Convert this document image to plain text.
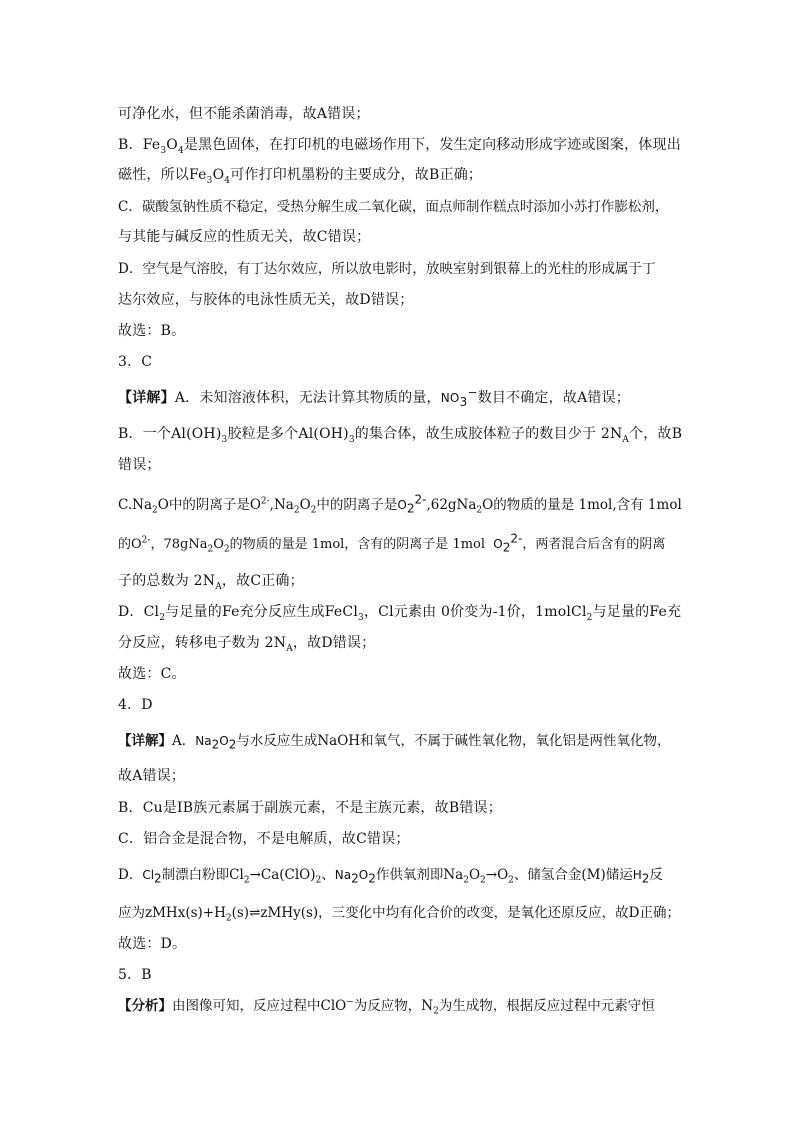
可净化水，但不能杀菌消毒，故A错误；
B．$Fe_3O_4$是黑色固体，在打印机的电磁场作用下，发生定向移动形成字迹或图案，体现出
磁性，所以$Fe_3O_4$可作打印机墨粉的主要成分，故B正确；
C．碳酸氢钠性质不稳定，受热分解生成二氧化碳，面点师制作糕点时添加小苏打作膨松剂，
与其能与碱反应的性质无关，故C错误；
D．空气是气溶胶，有丁达尔效应，所以放电影时，放映室射到银幕上的光柱的形成属于丁
达尔效应，与胶体的电泳性质无关，故D错误；
故选：B。
3．C
【详解】A．未知溶液体积，无法计算其物质的量，$NO_3^-$数目不确定，故A错误；
B．一个$Al(OH)_3$胶粒是多个$Al(OH)_3$的集合体，故生成胶体粒子的数目少于 $2N_A$个，故B
错误；
$C.Na_2O$中的阴离子是$O^{2-},Na_2O_2$中的阴离子是$O_2^{2-},62gNa_2O$的物质的量是 1mol,含有 1mol
的$O^{2-}$，$78gNa_2O_2$的物质的量是 1mol，含有的阴离子是 1mol  $O_2^{2-}$，两者混合后含有的阴离
子的总数为 $2N_A$，故C正确；
D．$Cl_2$与足量的Fe充分反应生成FeCl$_3$，Cl元素由 0价变为-1价，1molCl$_2$与足量的Fe充
分反应，转移电子数为 $2N_A$，故D错误；
故选：C。
4．D
【详解】A．$Na_2O_2$与水反应生成NaOH和氧气，不属于碱性氧化物，氧化铝是两性氧化物，
故A错误；
B．Cu是ⅠB族元素属于副族元素，不是主族元素，故B错误；
C．铝合金是混合物，不是电解质，故C错误；
D．$Cl_2$制漂白粉即$Cl_2\to Ca(ClO)_2$、$Na_2O_2$作供氧剂即$Na_2O_2\to O_2$、储氢合金(M)储运$H_2$反
应为$zMHx(s)+H_2(s)\rightleftharpoons zMHy(s)$，三变化中均有化合价的改变，是氧化还原反应，故D正确；
故选：D。
5．B
【分析】由图像可知，反应过程中ClO−为反应物，$N_2$为生成物，根据反应过程中元素守恒
